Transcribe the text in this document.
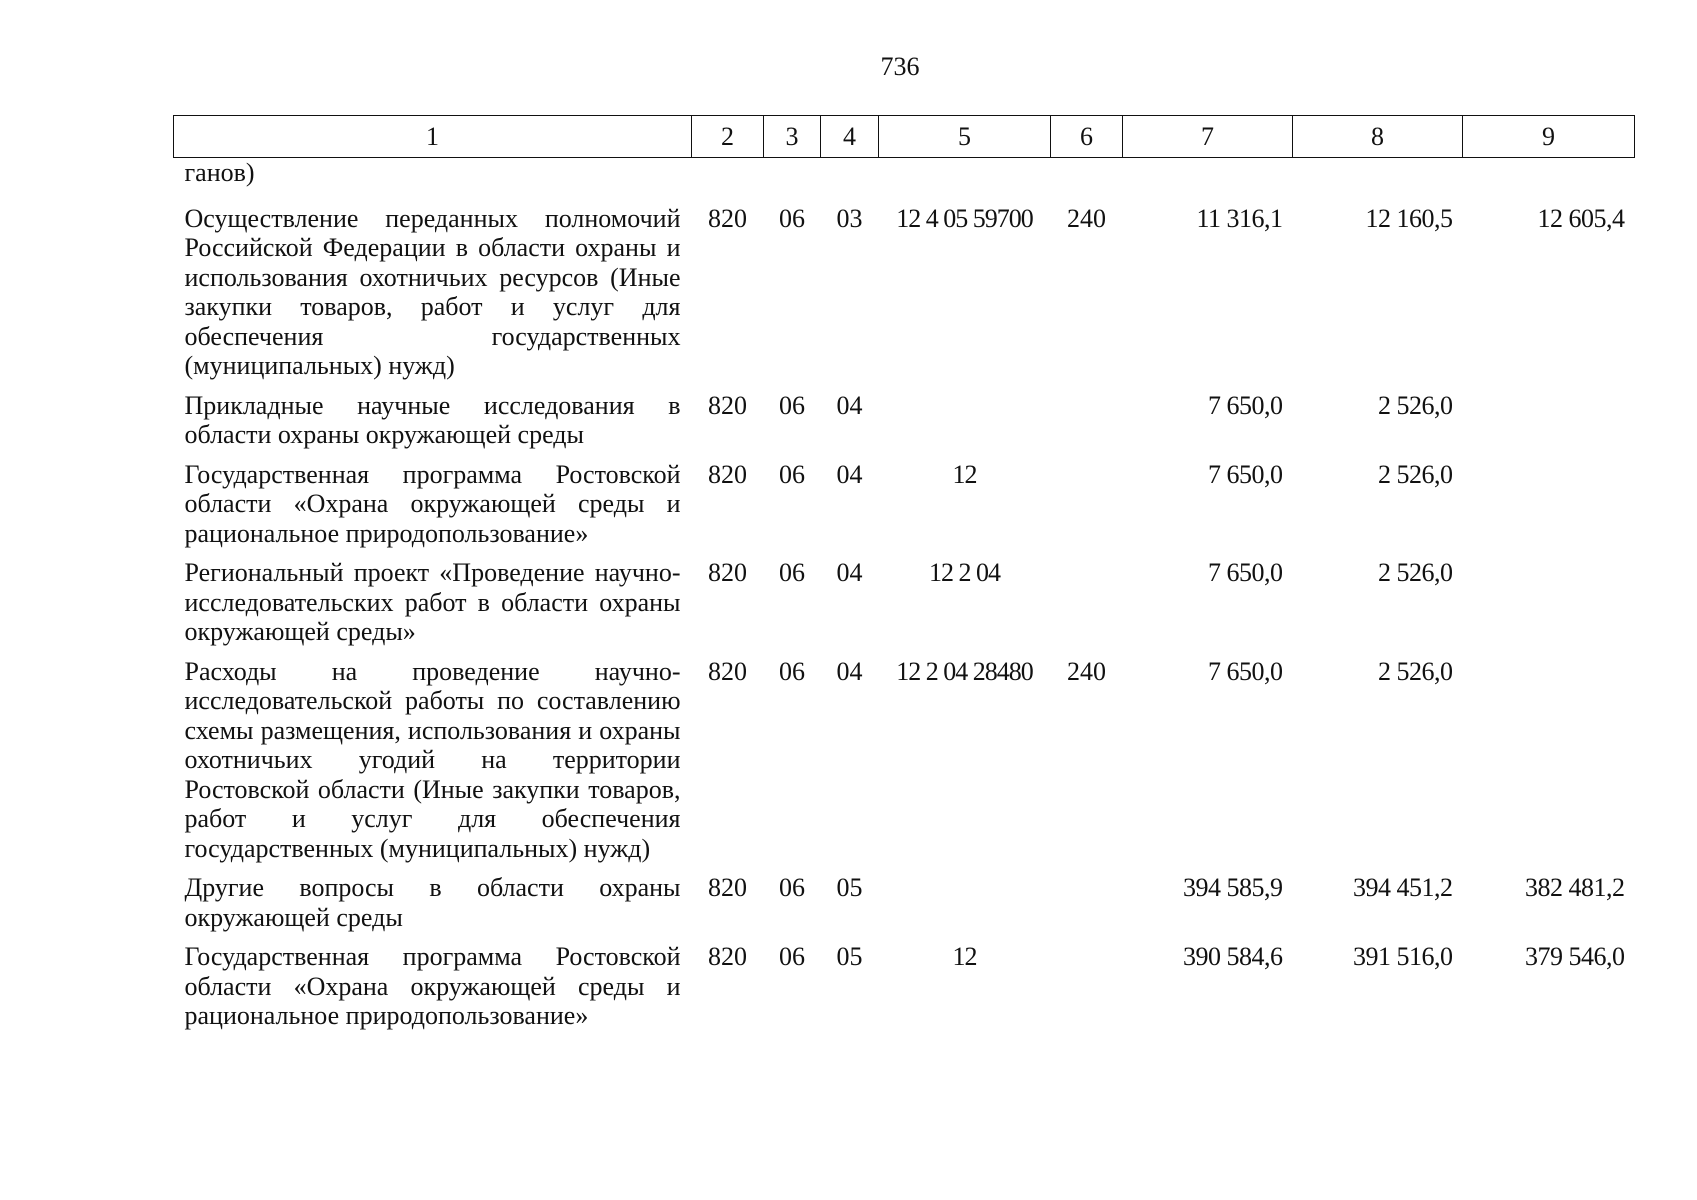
736
1	2	3	4	5	6	7	8	9
ганов)								
Осуществление переданных полномочий Российской Федерации в области охраны и использования охотничьих ресурсов (Иные закупки товаров, работ и услуг для обеспечения государственных (муниципальных) нужд)	820	06	03	12 4 05 59700	240	11 316,1	12 160,5	12 605,4
Прикладные научные исследования в области охраны окружающей среды	820	06	04			7 650,0	2 526,0	
Государственная программа Ростовской области «Охрана окружающей среды и рациональное природопользование»	820	06	04	12		7 650,0	2 526,0	
Региональный проект «Проведение научно-исследовательских работ в области охраны окружающей среды»	820	06	04	12 2 04		7 650,0	2 526,0	
Расходы на проведение научно-исследовательской работы по составлению схемы размещения, использования и охраны охотничьих угодий на территории Ростовской области (Иные закупки товаров, работ и услуг для обеспечения государственных (муниципальных) нужд)	820	06	04	12 2 04 28480	240	7 650,0	2 526,0	
Другие вопросы в области охраны окружающей среды	820	06	05			394 585,9	394 451,2	382 481,2
Государственная программа Ростовской области «Охрана окружающей среды и рациональное природопользование»	820	06	05	12		390 584,6	391 516,0	379 546,0
